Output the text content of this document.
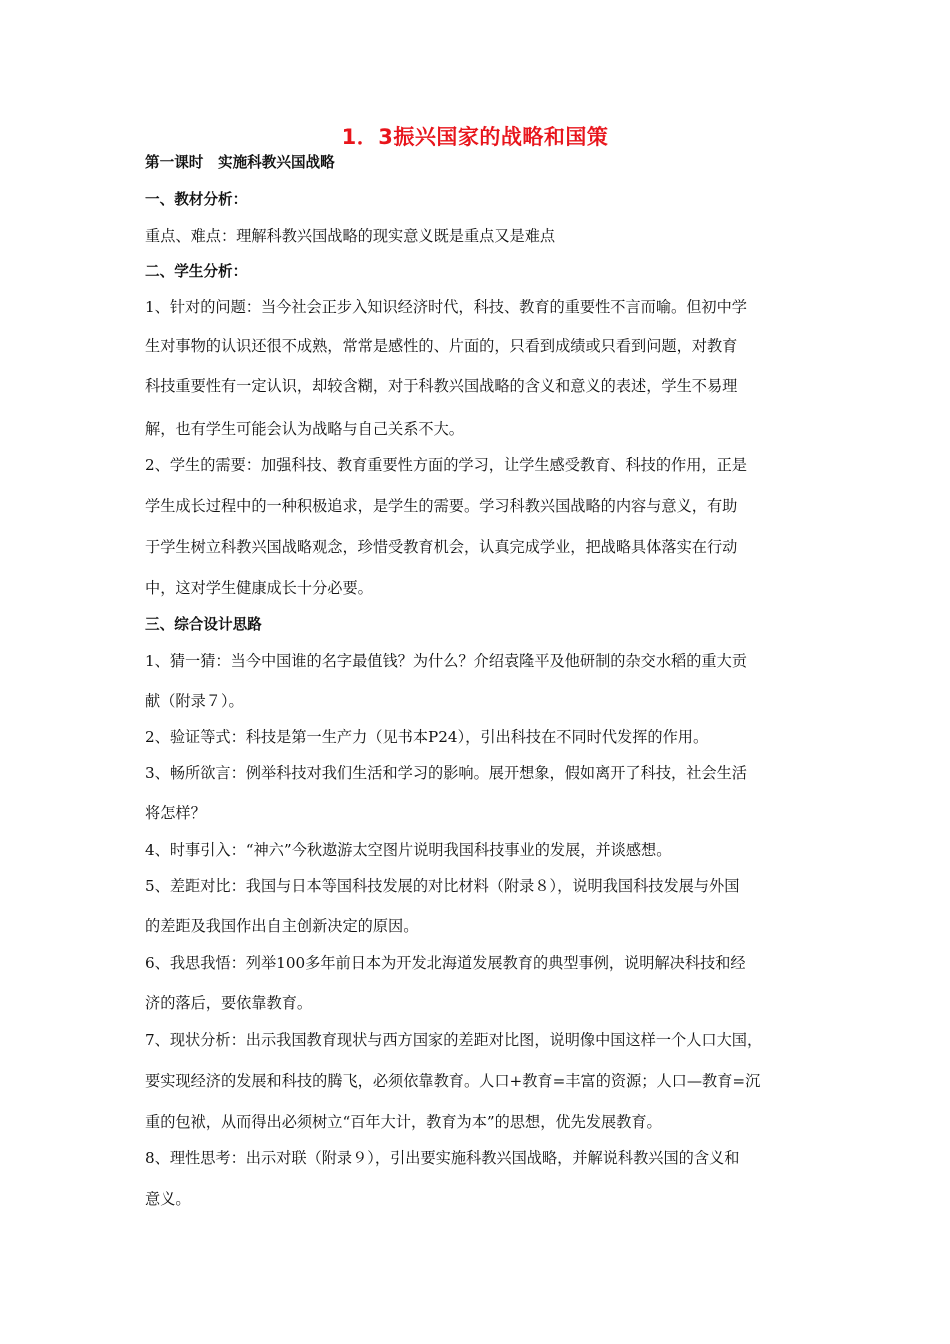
1．3振兴国家的战略和国策
第一课时　实施科教兴国战略
一、教材分析：
重点、难点：理解科教兴国战略的现实意义既是重点又是难点
二、学生分析：
1、针对的问题：当今社会正步入知识经济时代，科技、教育的重要性不言而喻。但初中学
生对事物的认识还很不成熟，常常是感性的、片面的，只看到成绩或只看到问题，对教育
科技重要性有一定认识，却较含糊，对于科教兴国战略的含义和意义的表述，学生不易理
解，也有学生可能会认为战略与自己关系不大。
2、学生的需要：加强科技、教育重要性方面的学习，让学生感受教育、科技的作用，正是
学生成长过程中的一种积极追求，是学生的需要。学习科教兴国战略的内容与意义，有助
于学生树立科教兴国战略观念，珍惜受教育机会，认真完成学业，把战略具体落实在行动
中，这对学生健康成长十分必要。
三、综合设计思路
1、猜一猜：当今中国谁的名字最值钱？为什么？介绍袁隆平及他研制的杂交水稻的重大贡
献（附录７）。
2、验证等式：科技是第一生产力（见书本P24），引出科技在不同时代发挥的作用。
3、畅所欲言：例举科技对我们生活和学习的影响。展开想象，假如离开了科技，社会生活
将怎样？
4、时事引入：“神六”今秋遨游太空图片说明我国科技事业的发展，并谈感想。
5、差距对比：我国与日本等国科技发展的对比材料（附录８），说明我国科技发展与外国
的差距及我国作出自主创新决定的原因。
6、我思我悟：列举100多年前日本为开发北海道发展教育的典型事例，说明解决科技和经
济的落后，要依靠教育。
7、现状分析：出示我国教育现状与西方国家的差距对比图，说明像中国这样一个人口大国，
要实现经济的发展和科技的腾飞，必须依靠教育。人口+教育=丰富的资源；人口—教育=沉
重的包袱，从而得出必须树立“百年大计，教育为本”的思想，优先发展教育。
8、理性思考：出示对联（附录９），引出要实施科教兴国战略，并解说科教兴国的含义和
意义。
